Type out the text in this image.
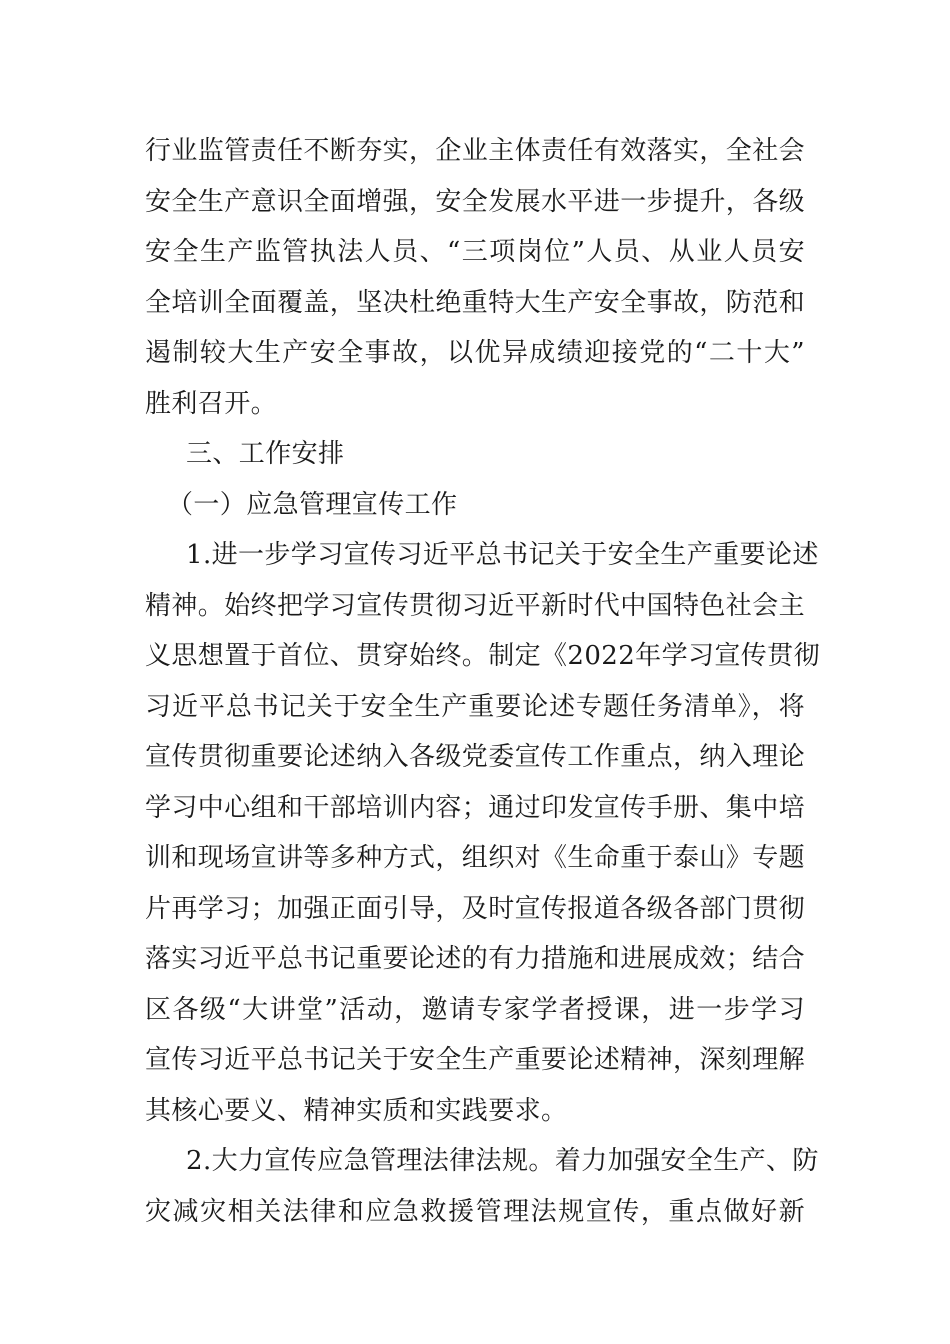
行业监管责任不断夯实，企业主体责任有效落实，全社会
安全生产意识全面增强，安全发展水平进一步提升，各级
安全生产监管执法人员、“三项岗位”人员、从业人员安
全培训全面覆盖，坚决杜绝重特大生产安全事故，防范和
遏制较大生产安全事故，以优异成绩迎接党的“二十大”
胜利召开。
三、工作安排
（一）应急管理宣传工作
1.进一步学习宣传习近平总书记关于安全生产重要论述
精神。始终把学习宣传贯彻习近平新时代中国特色社会主
义思想置于首位、贯穿始终。制定《2022年学习宣传贯彻
习近平总书记关于安全生产重要论述专题任务清单》，将
宣传贯彻重要论述纳入各级党委宣传工作重点，纳入理论
学习中心组和干部培训内容；通过印发宣传手册、集中培
训和现场宣讲等多种方式，组织对《生命重于泰山》专题
片再学习；加强正面引导，及时宣传报道各级各部门贯彻
落实习近平总书记重要论述的有力措施和进展成效；结合
区各级“大讲堂”活动，邀请专家学者授课，进一步学习
宣传习近平总书记关于安全生产重要论述精神，深刻理解
其核心要义、精神实质和实践要求。
2.大力宣传应急管理法律法规。着力加强安全生产、防
灾减灾相关法律和应急救援管理法规宣传，重点做好新
